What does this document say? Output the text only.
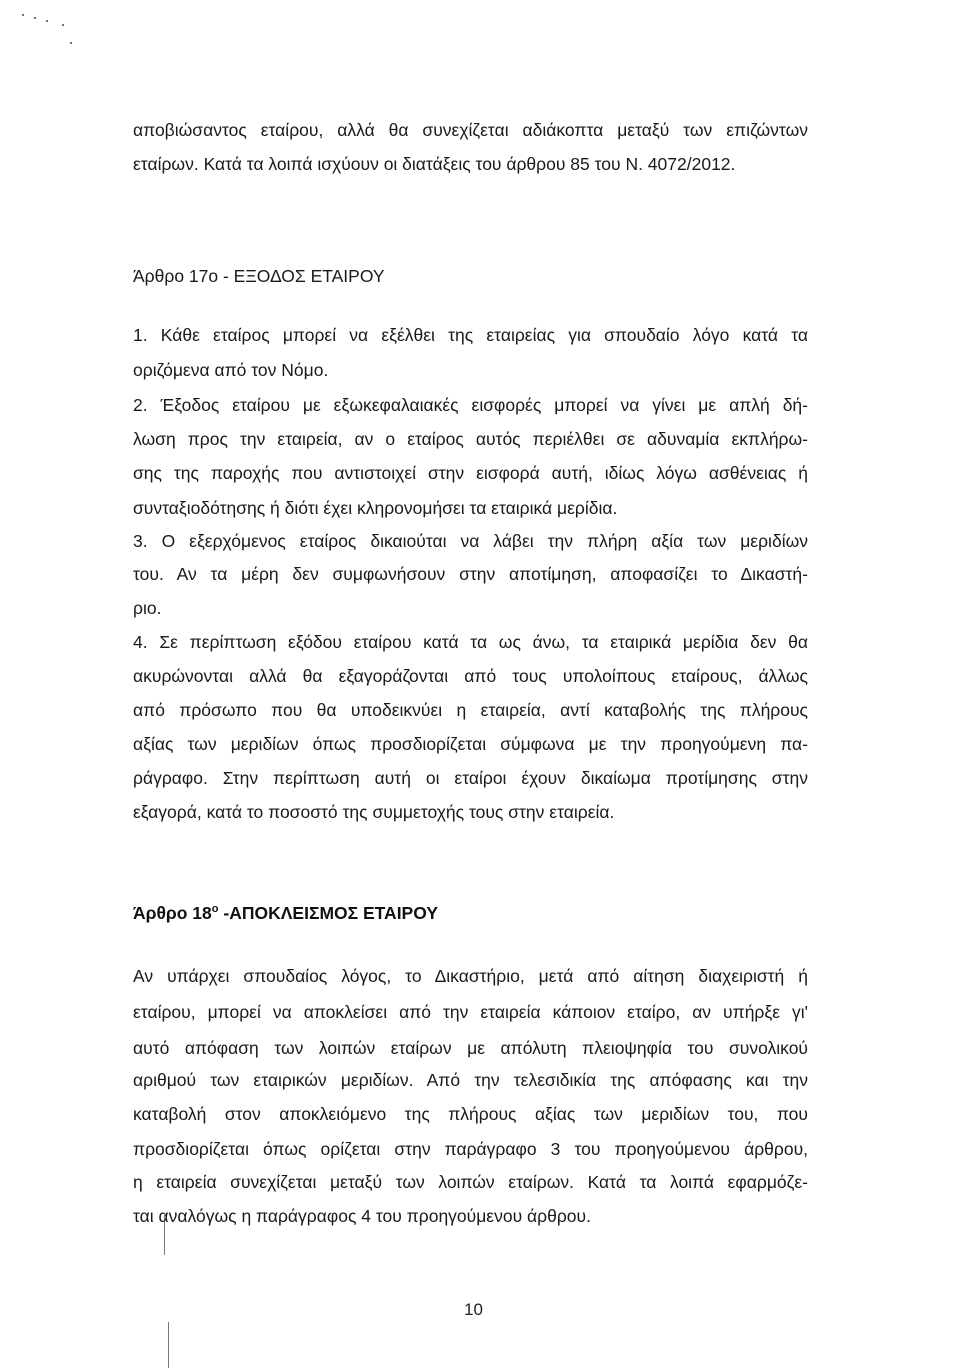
αποβιώσαντος εταίρου, αλλά θα συνεχίζεται αδιάκοπτα μεταξύ των επιζώντων
εταίρων. Κατά τα λοιπά ισχύουν οι διατάξεις του άρθρου 85 του Ν. 4072/2012.
Άρθρο 17ο - ΕΞΟΔΟΣ ΕΤΑΙΡΟΥ
1. Κάθε εταίρος μπορεί να εξέλθει της εταιρείας για σπουδαίο λόγο κατά τα
οριζόμενα από τον Νόμο.
2. Έξοδος εταίρου με εξωκεφαλαιακές εισφορές μπορεί να γίνει με απλή δή-
λωση προς την εταιρεία, αν ο εταίρος αυτός περιέλθει σε αδυναμία εκπλήρω-
σης της παροχής που αντιστοιχεί στην εισφορά αυτή, ιδίως λόγω ασθένειας ή
συνταξιοδότησης ή διότι έχει κληρονομήσει τα εταιρικά μερίδια.
3. Ο εξερχόμενος εταίρος δικαιούται να λάβει την πλήρη αξία των μεριδίων
του. Αν τα μέρη δεν συμφωνήσουν στην αποτίμηση, αποφασίζει το Δικαστή-
ριο.
4. Σε περίπτωση εξόδου εταίρου κατά τα ως άνω, τα εταιρικά μερίδια δεν θα
ακυρώνονται αλλά θα εξαγοράζονται από τους υπολοίπους εταίρους, άλλως
από πρόσωπο που θα υποδεικνύει η εταιρεία, αντί καταβολής της πλήρους
αξίας των μεριδίων όπως προσδιορίζεται σύμφωνα με την προηγούμενη πα-
ράγραφο. Στην περίπτωση αυτή οι εταίροι έχουν δικαίωμα προτίμησης στην
εξαγορά, κατά το ποσοστό της συμμετοχής τους στην εταιρεία.
Άρθρο $18^o$ -ΑΠΟΚΛΕΙΣΜΟΣ ΕΤΑΙΡΟΥ
Αν υπάρχει σπουδαίος λόγος, το Δικαστήριο, μετά από αίτηση διαχειριστή ή
εταίρου, μπορεί να αποκλείσει από την εταιρεία κάποιον εταίρο, αν υπήρξε γι'
αυτό απόφαση των λοιπών εταίρων με απόλυτη πλειοψηφία του συνολικού
αριθμού των εταιρικών μεριδίων. Από την τελεσιδικία της απόφασης και την
καταβολή στον αποκλειόμενο της πλήρους αξίας των μεριδίων του, που
προσδιορίζεται όπως ορίζεται στην παράγραφο 3 του προηγούμενου άρθρου,
η εταιρεία συνεχίζεται μεταξύ των λοιπών εταίρων. Κατά τα λοιπά εφαρμόζε-
ται αναλόγως η παράγραφος 4 του προηγούμενου άρθρου.
10
